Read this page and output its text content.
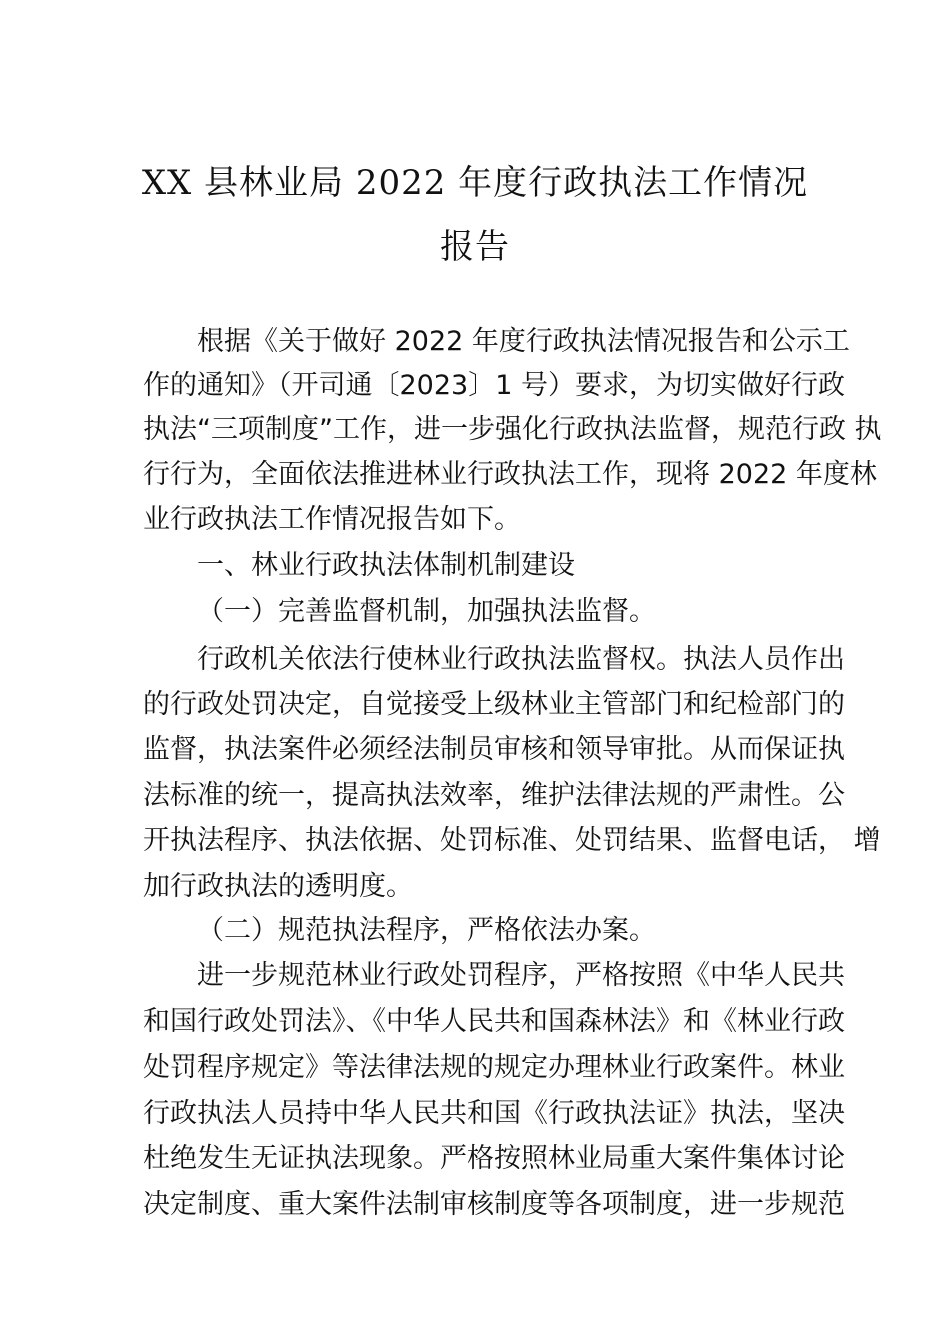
XX 县林业局 2022 年度行政执法工作情况
报告
根据《关于做好 2022 年度行政执法情况报告和公示工
作的通知》（开司通〔2023〕1 号）要求，为切实做好行政
执法“三项制度”工作，进一步强化行政执法监督，规范行政 执
行行为，全面依法推进林业行政执法工作，现将 2022 年度林
业行政执法工作情况报告如下。
一、林业行政执法体制机制建设
（一）完善监督机制，加强执法监督。
行政机关依法行使林业行政执法监督权。执法人员作出
的行政处罚决定，自觉接受上级林业主管部门和纪检部门的
监督，执法案件必须经法制员审核和领导审批。从而保证执
法标准的统一，提高执法效率，维护法律法规的严肃性。公
开执法程序、执法依据、处罚标准、处罚结果、监督电话， 增
加行政执法的透明度。
（二）规范执法程序，严格依法办案。
进一步规范林业行政处罚程序，严格按照《中华人民共
和国行政处罚法》、《中华人民共和国森林法》和《林业行政
处罚程序规定》等法律法规的规定办理林业行政案件。林业
行政执法人员持中华人民共和国《行政执法证》执法，坚决
杜绝发生无证执法现象。严格按照林业局重大案件集体讨论
决定制度、重大案件法制审核制度等各项制度，进一步规范
